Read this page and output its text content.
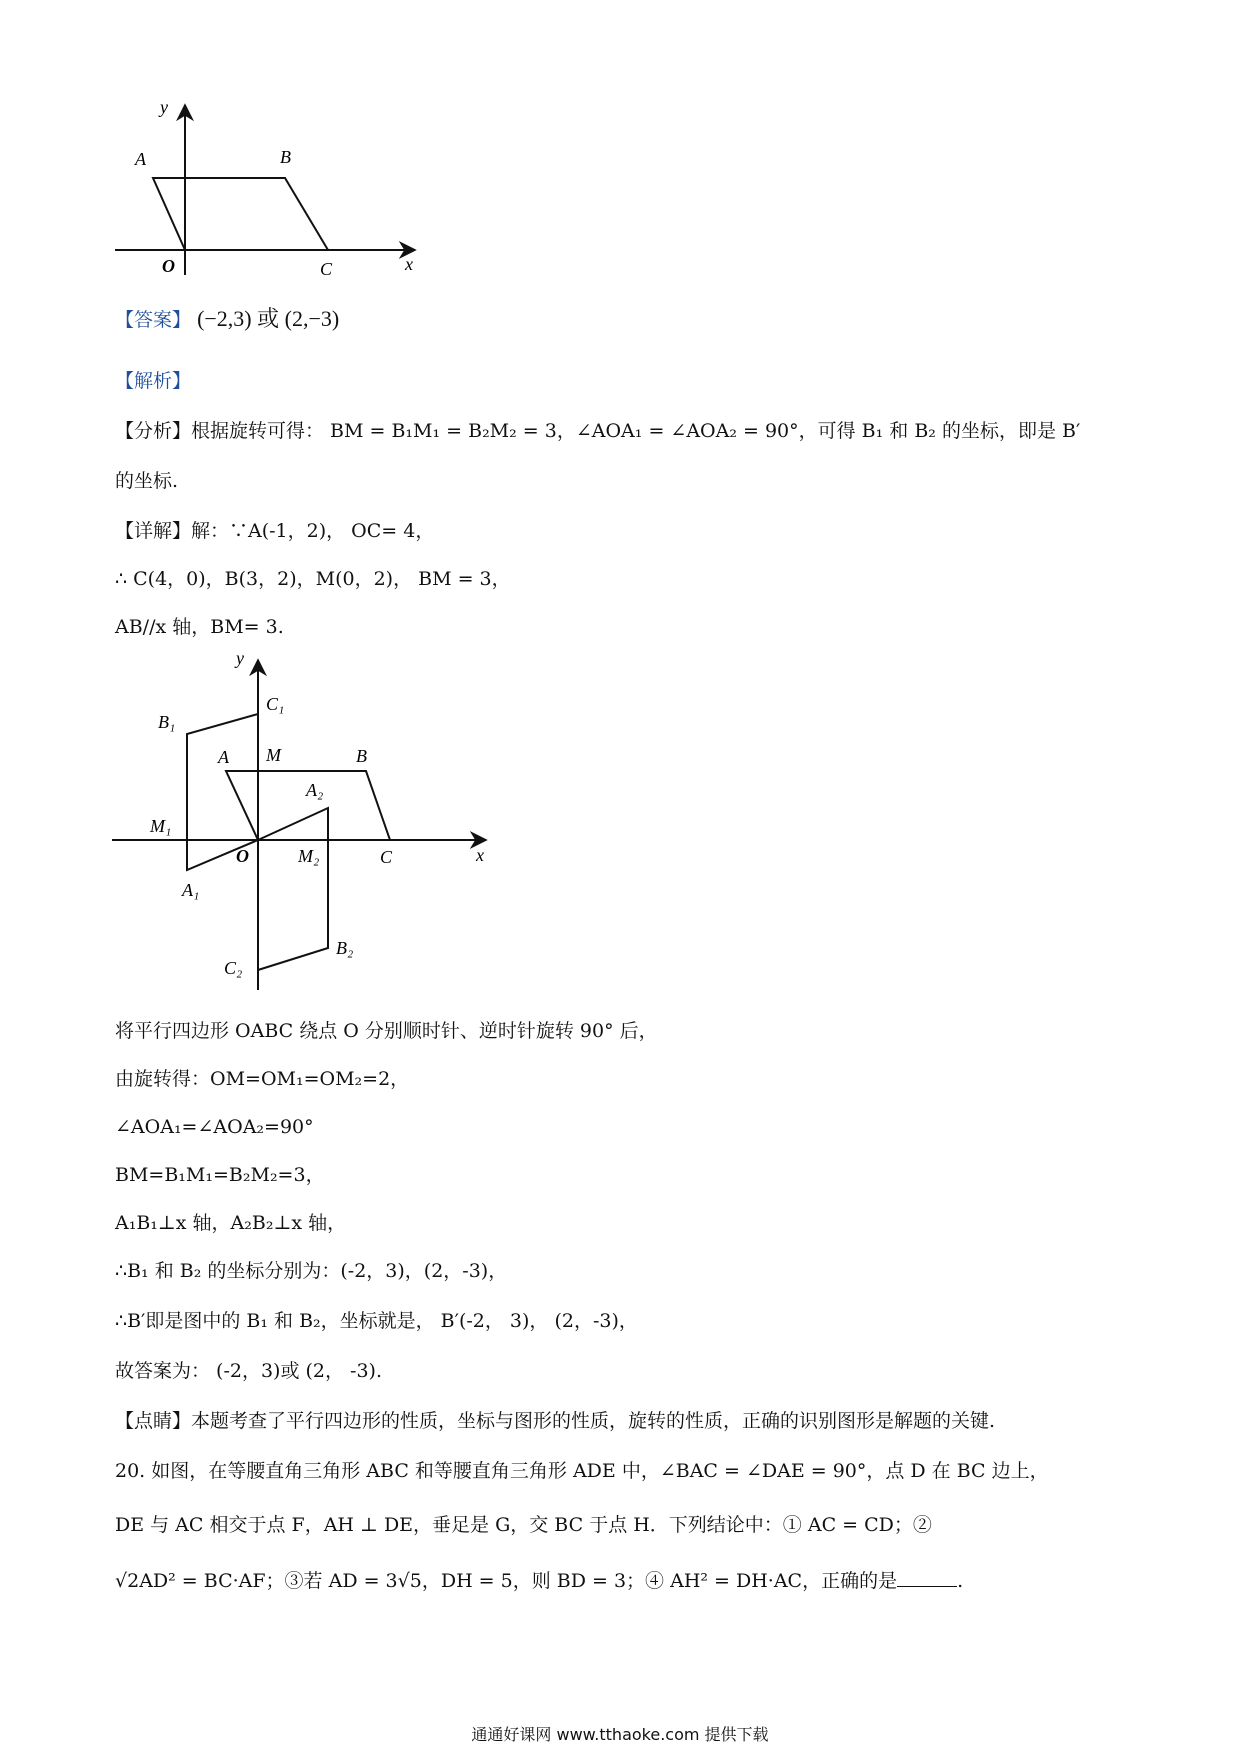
y
A	B
O	C	x
【答案】 (−2,3) 或 (2,−3)
【解析】
【分析】根据旋转可得： BM = B₁M₁ = B₂M₂ = 3，∠AOA₁ = ∠AOA₂ = 90°，可得 B₁ 和 B₂ 的坐标，即是 B′
的坐标.
【详解】解：∵A(-1，2)， OC= 4，
∴ C(4，0)，B(3，2)，M(0，2)， BM = 3，
AB//x 轴，BM= 3.
y
C₁
B₁
A M	B
A₂
M₁
O	M₂	C	x
A₁
B₂
C₂
将平行四边形 OABC 绕点 O 分别顺时针、逆时针旋转 90° 后，
由旋转得：OM=OM₁=OM₂=2，
∠AOA₁=∠AOA₂=90°
BM=B₁M₁=B₂M₂=3，
A₁B₁⊥x 轴，A₂B₂⊥x 轴，
∴B₁ 和 B₂ 的坐标分别为：(-2，3)，(2，-3)，
∴B′即是图中的 B₁ 和 B₂，坐标就是， B′(-2， 3)， (2，-3)，
故答案为： (-2，3)或 (2， -3).
【点睛】本题考查了平行四边形的性质，坐标与图形的性质，旋转的性质，正确的识别图形是解题的关键.
20. 如图，在等腰直角三角形 ABC 和等腰直角三角形 ADE 中，∠BAC = ∠DAE = 90°，点 D 在 BC 边上，
DE 与 AC 相交于点 F，AH ⊥ DE，垂足是 G，交 BC 于点 H．下列结论中：① AC = CD；②
√2AD² = BC·AF；③若 AD = 3√5，DH = 5，则 BD = 3；④ AH² = DH·AC，正确的是	.
通通好课网 www.tthaoke.com 提供下载
